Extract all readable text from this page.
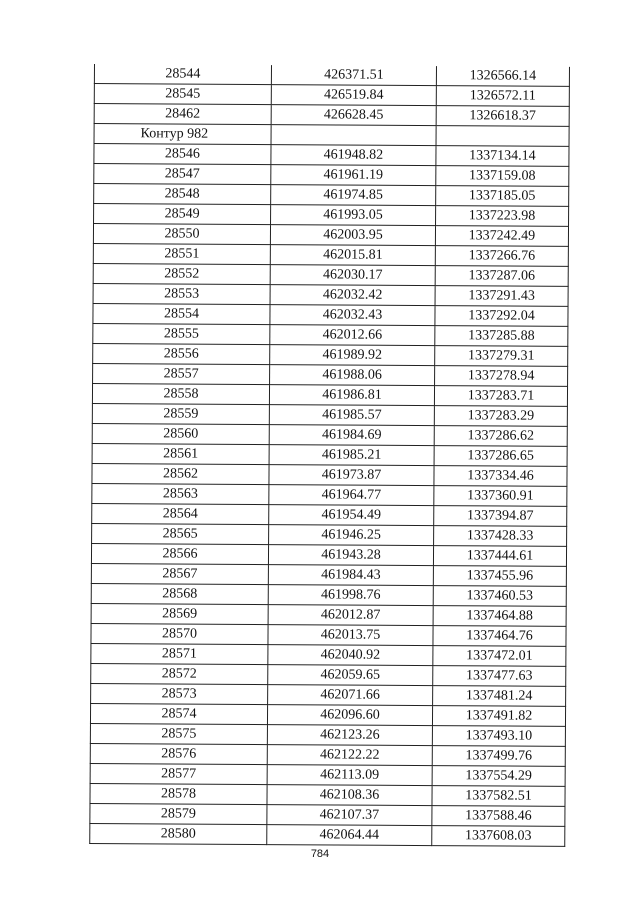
28544	426371.51	1326566.14
28545	426519.84	1326572.11
28462	426628.45	1326618.37
Контур 982		
28546	461948.82	1337134.14
28547	461961.19	1337159.08
28548	461974.85	1337185.05
28549	461993.05	1337223.98
28550	462003.95	1337242.49
28551	462015.81	1337266.76
28552	462030.17	1337287.06
28553	462032.42	1337291.43
28554	462032.43	1337292.04
28555	462012.66	1337285.88
28556	461989.92	1337279.31
28557	461988.06	1337278.94
28558	461986.81	1337283.71
28559	461985.57	1337283.29
28560	461984.69	1337286.62
28561	461985.21	1337286.65
28562	461973.87	1337334.46
28563	461964.77	1337360.91
28564	461954.49	1337394.87
28565	461946.25	1337428.33
28566	461943.28	1337444.61
28567	461984.43	1337455.96
28568	461998.76	1337460.53
28569	462012.87	1337464.88
28570	462013.75	1337464.76
28571	462040.92	1337472.01
28572	462059.65	1337477.63
28573	462071.66	1337481.24
28574	462096.60	1337491.82
28575	462123.26	1337493.10
28576	462122.22	1337499.76
28577	462113.09	1337554.29
28578	462108.36	1337582.51
28579	462107.37	1337588.46
28580	462064.44	1337608.03
784
